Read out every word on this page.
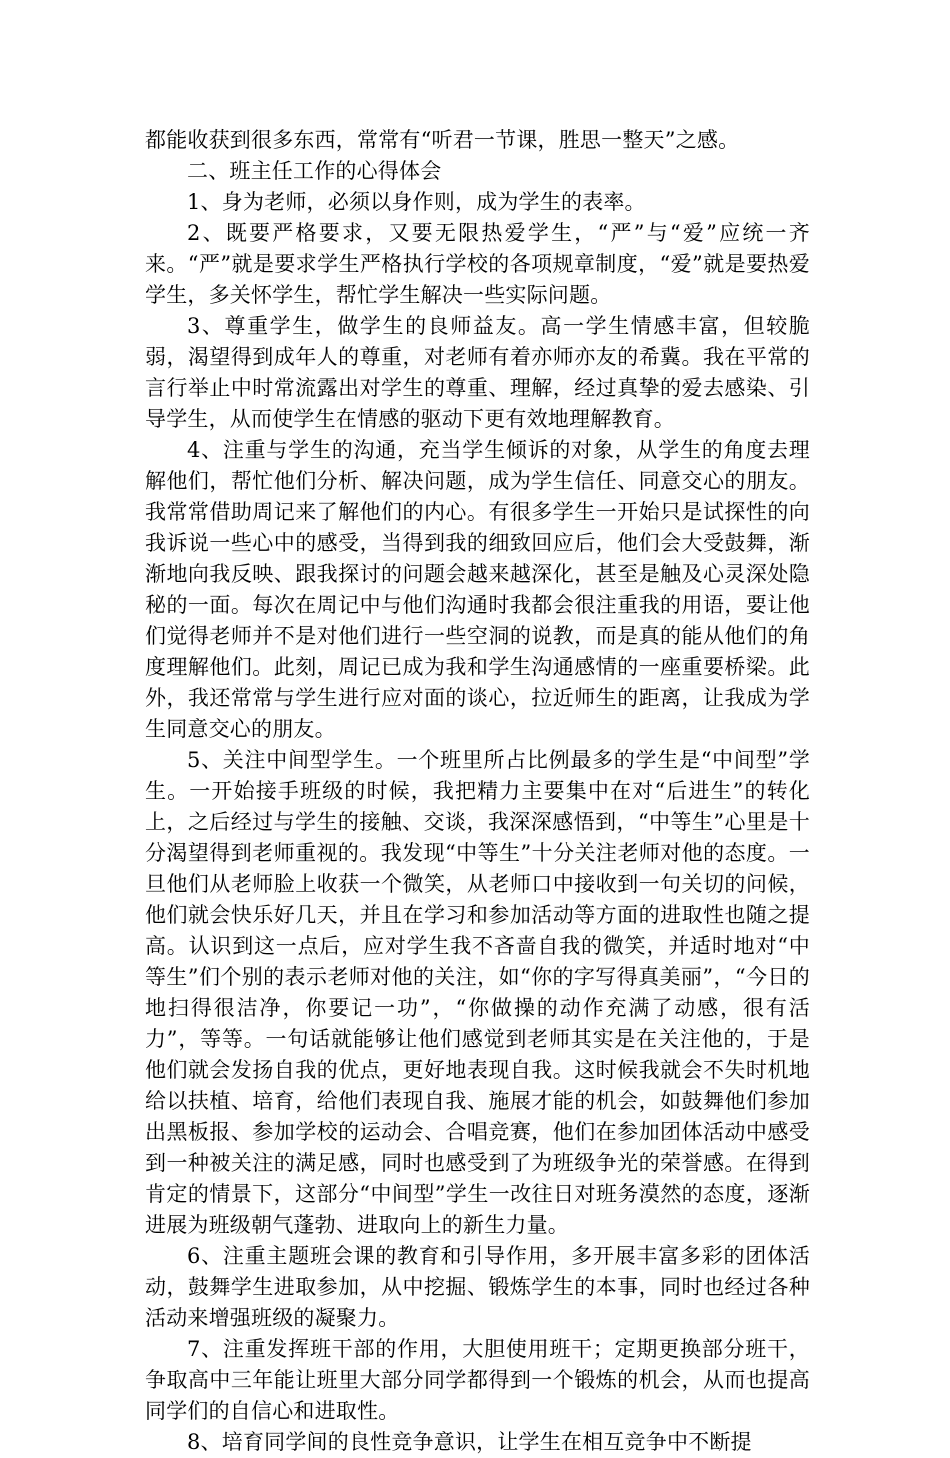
都能收获到很多东西，常常有“听君一节课，胜思一整天”之感。

二、班主任工作的心得体会

1、身为老师，必须以身作则，成为学生的表率。

2、既要严格要求，又要无限热爱学生，“严”与“爱”应统一齐来。“严”就是要求学生严格执行学校的各项规章制度，“爱”就是要热爱学生，多关怀学生，帮忙学生解决一些实际问题。

3、尊重学生，做学生的良师益友。高一学生情感丰富，但较脆弱，渴望得到成年人的尊重，对老师有着亦师亦友的希冀。我在平常的言行举止中时常流露出对学生的尊重、理解，经过真挚的爱去感染、引导学生，从而使学生在情感的驱动下更有效地理解教育。

4、注重与学生的沟通，充当学生倾诉的对象，从学生的角度去理解他们，帮忙他们分析、解决问题，成为学生信任、同意交心的朋友。我常常借助周记来了解他们的内心。有很多学生一开始只是试探性的向我诉说一些心中的感受，当得到我的细致回应后，他们会大受鼓舞，渐渐地向我反映、跟我探讨的问题会越来越深化，甚至是触及心灵深处隐秘的一面。每次在周记中与他们沟通时我都会很注重我的用语，要让他们觉得老师并不是对他们进行一些空洞的说教，而是真的能从他们的角度理解他们。此刻，周记已成为我和学生沟通感情的一座重要桥梁。此外，我还常常与学生进行应对面的谈心，拉近师生的距离，让我成为学生同意交心的朋友。

5、关注中间型学生。一个班里所占比例最多的学生是“中间型”学生。一开始接手班级的时候，我把精力主要集中在对“后进生”的转化上，之后经过与学生的接触、交谈，我深深感悟到，“中等生”心里是十分渴望得到老师重视的。我发现“中等生”十分关注老师对他的态度。一旦他们从老师脸上收获一个微笑，从老师口中接收到一句关切的问候，他们就会快乐好几天，并且在学习和参加活动等方面的进取性也随之提高。认识到这一点后，应对学生我不吝啬自我的微笑，并适时地对“中等生”们个别的表示老师对他的关注，如“你的字写得真美丽”，“今日的地扫得很洁净，你要记一功”，“你做操的动作充满了动感，很有活力”，等等。一句话就能够让他们感觉到老师其实是在关注他的，于是他们就会发扬自我的优点，更好地表现自我。这时候我就会不失时机地给以扶植、培育，给他们表现自我、施展才能的机会，如鼓舞他们参加出黑板报、参加学校的运动会、合唱竞赛，他们在参加团体活动中感受到一种被关注的满足感，同时也感受到了为班级争光的荣誉感。在得到肯定的情景下，这部分“中间型”学生一改往日对班务漠然的态度，逐渐进展为班级朝气蓬勃、进取向上的新生力量。

6、注重主题班会课的教育和引导作用，多开展丰富多彩的团体活动，鼓舞学生进取参加，从中挖掘、锻炼学生的本事，同时也经过各种活动来增强班级的凝聚力。

7、注重发挥班干部的作用，大胆使用班干；定期更换部分班干，争取高中三年能让班里大部分同学都得到一个锻炼的机会，从而也提高同学们的自信心和进取性。

8、培育同学间的良性竞争意识，让学生在相互竞争中不断提
